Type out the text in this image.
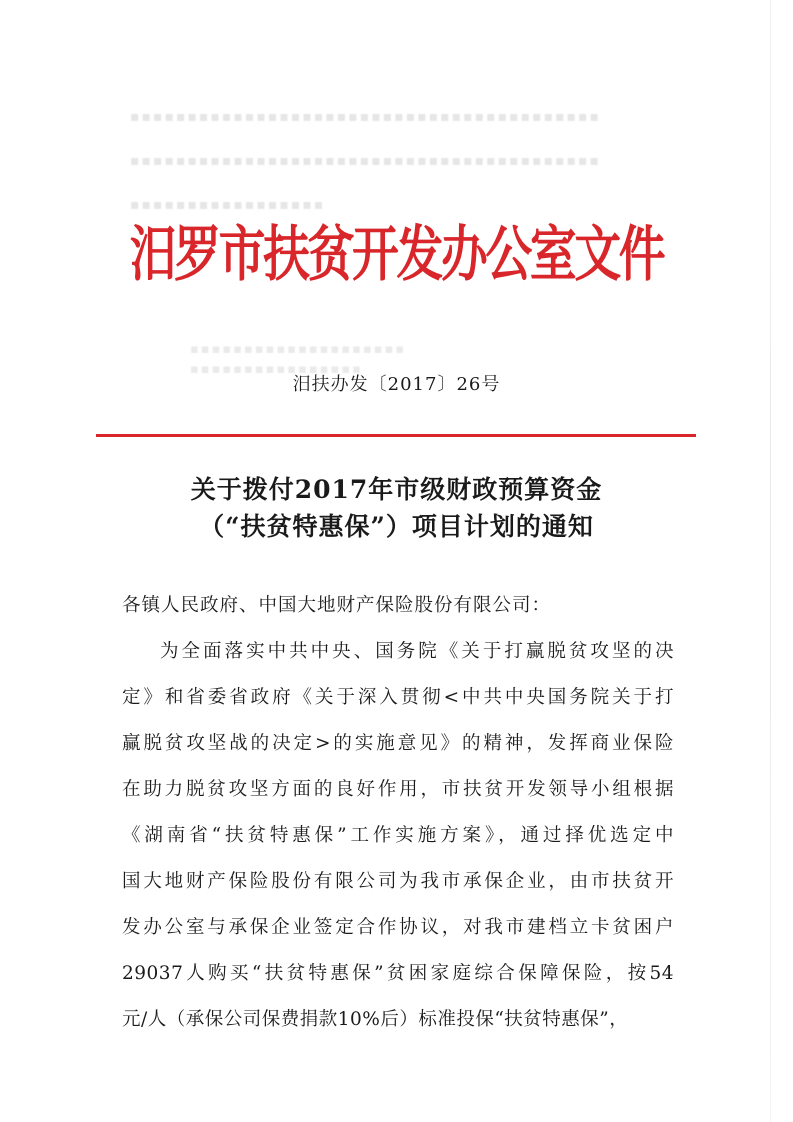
▪▪▪▪▪▪▪▪▪▪▪▪▪▪▪▪▪▪▪▪▪▪▪▪▪▪▪▪▪▪▪▪▪▪▪▪▪▪▪▪▪
▪▪▪▪▪▪▪▪▪▪▪▪▪▪▪▪▪▪▪▪▪▪▪▪▪▪▪▪▪▪▪▪▪▪▪▪▪▪▪▪▪
▪▪▪▪▪▪▪▪▪▪▪▪▪▪▪▪▪
▪▪▪▪▪▪▪▪▪▪▪▪▪▪▪▪▪▪▪▪
▪▪▪▪▪▪▪▪▪▪▪▪▪▪▪▪
汨罗市扶贫开发办公室文件
汨扶办发〔2017〕26号
关于拨付2017年市级财政预算资金
（“扶贫特惠保”）项目计划的通知
各镇人民政府、中国大地财产保险股份有限公司：
为全面落实中共中央、国务院《关于打赢脱贫攻坚的决
定》和省委省政府《关于深入贯彻<中共中央国务院关于打
赢脱贫攻坚战的决定>的实施意见》的精神，发挥商业保险
在助力脱贫攻坚方面的良好作用，市扶贫开发领导小组根据
《湖南省“扶贫特惠保”工作实施方案》，通过择优选定中
国大地财产保险股份有限公司为我市承保企业，由市扶贫开
发办公室与承保企业签定合作协议，对我市建档立卡贫困户
29037人购买“扶贫特惠保”贫困家庭综合保障保险，按54
元/人（承保公司保费捐款10%后）标准投保“扶贫特惠保”，
